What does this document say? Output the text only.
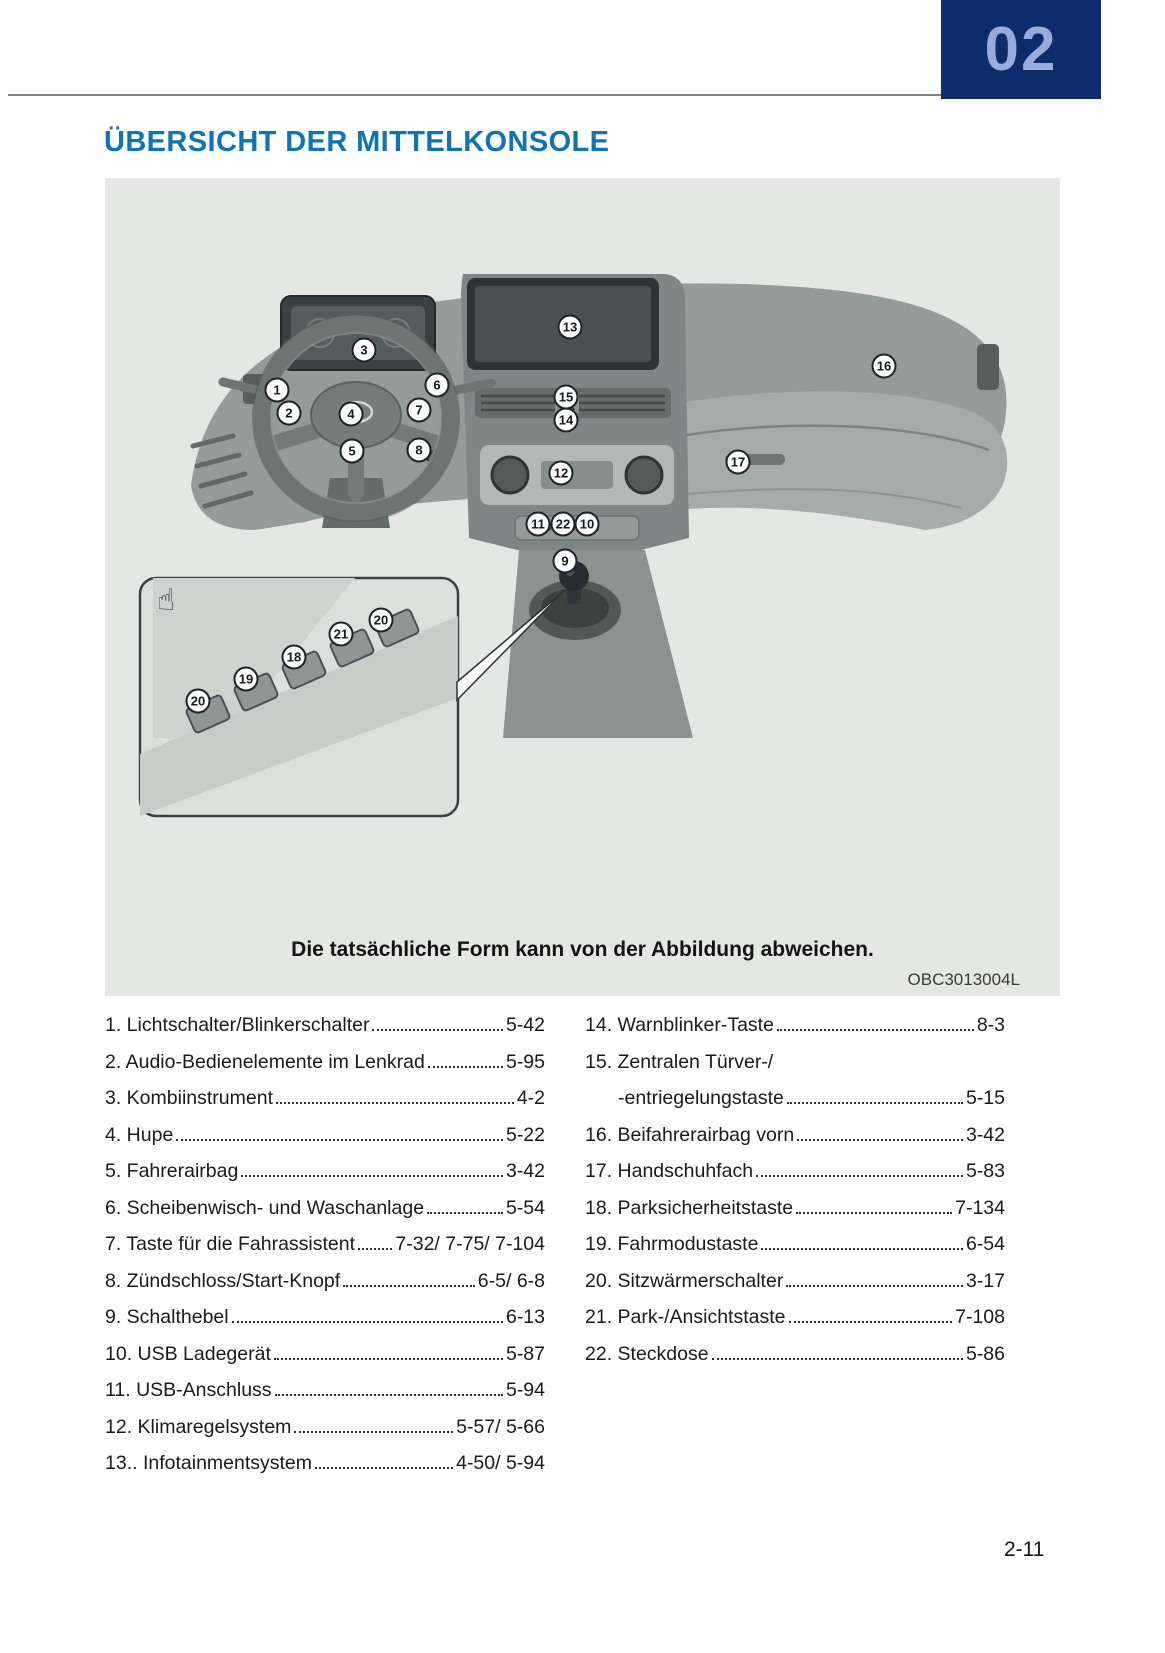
02
ÜBERSICHT DER MITTELKONSOLE
☝
3
13
16
1	6
2	4	7
15
14
5	8
12
17
11 22 10
9
20
21
18
19
20
Die tatsächliche Form kann von der Abbildung abweichen.
OBC3013004L
1. Lichtschalter/Blinkerschalter	5-42
2. Audio-Bedienelemente im Lenkrad	5-95
3. Kombiinstrument	4-2
4. Hupe	5-22
5. Fahrerairbag	3-42
6. Scheibenwisch- und Waschanlage	5-54
7. Taste für die Fahrassistent 7-32/ 7-75/ 7-104
8. Zündschloss/Start-Knopf	6-5/ 6-8
9. Schalthebel	6-13
10. USB Ladegerät	5-87
11. USB-Anschluss	5-94
12. Klimaregelsystem	5-57/ 5-66
13.. Infotainmentsystem	4-50/ 5-94
14. Warnblinker-Taste	8-3
15. Zentralen Türver-/
-entriegelungstaste	5-15
16. Beifahrerairbag vorn	3-42
17. Handschuhfach	5-83
18. Parksicherheitstaste	7-134
19. Fahrmodustaste	6-54
20. Sitzwärmerschalter	3-17
21. Park-/Ansichtstaste	7-108
22. Steckdose	5-86
2-11
